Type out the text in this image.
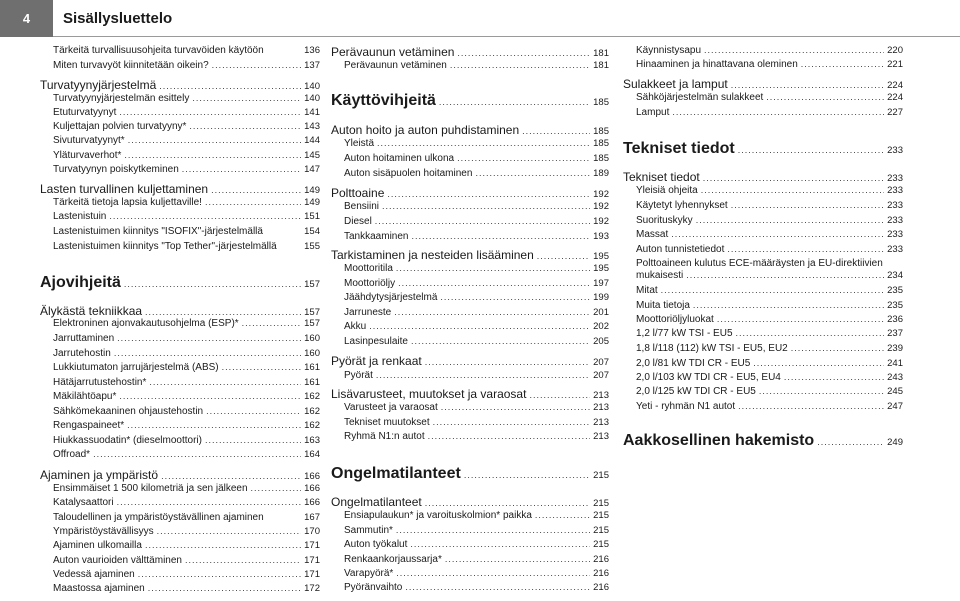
4	Sisällysluettelo
Tärkeitä turvallisuusohjeita turvavöiden käytöön	136
Miten turvavyöt kiinnitetään oikein? .....	137
Turvatyynyjärjestelmä .....	140
Turvatyynyjärjestelmän esittely .....	140
Etuturvatyynyt .....	141
Kuljettajan polvien turvatyyny* .....	143
Sivuturvatyynyt* .....	144
Yläturvaverhot* .....	145
Turvatyynyn poiskytkeminen .....	147
Lasten turvallinen kuljettaminen .....	149
Tärkeitä tietoja lapsia kuljettaville! .....	149
Lastenistuin .....	151
Lastenistuimen kiinnitys "ISOFIX"-järjestelmällä	154
Lastenistuimen kiinnitys "Top Tether"-järjestelmällä	155
Ajovihjeitä .....	157
Älykästä tekniikkaa .....	157
Elektroninen ajonvakautusohjelma (ESP)* .....	157
Jarruttaminen .....	160
Jarrutehostin .....	160
Lukkiutumaton jarrujärjestelmä (ABS) .....	161
Hätäjarrutustehostin* .....	161
Mäkilähtöapu* .....	162
Sähkömekaaninen ohjaustehostin .....	162
Rengaspaineet* .....	162
Hiukkassuodatin* (dieselmoottori) .....	163
Offroad* .....	164
Ajaminen ja ympäristö .....	166
Ensimmäiset 1 500 kilometriä ja sen jälkeen .....	166
Katalysaattori .....	166
Taloudellinen ja ympäristöystävällinen ajaminen	167
Ympäristöystävällisyys .....	170
Ajaminen ulkomailla .....	171
Auton vaurioiden välttäminen .....	171
Vedessä ajaminen .....	171
Maastossa ajaminen .....	172
Perävaunun vetäminen .....	181
Perävaunun vetäminen .....	181
Käyttövihjeitä .....	185
Auton hoito ja auton puhdistaminen .....	185
Yleistä .....	185
Auton hoitaminen ulkona .....	185
Auton sisäpuolen hoitaminen .....	189
Polttoaine .....	192
Bensiini .....	192
Diesel .....	192
Tankkaaminen .....	193
Tarkistaminen ja nesteiden lisääminen .....	195
Moottoritila .....	195
Moottoriöljy .....	197
Jäähdytysjärjestelmä .....	199
Jarruneste .....	201
Akku .....	202
Lasinpesulaite .....	205
Pyörät ja renkaat .....	207
Pyörät .....	207
Lisävarusteet, muutokset ja varaosat .....	213
Varusteet ja varaosat .....	213
Tekniset muutokset .....	213
Ryhmä N1:n autot .....	213
Ongelmatilanteet .....	215
Ongelmatilanteet .....	215
Ensiapulaukun* ja varoituskolmion* paikka .....	215
Sammutin* .....	215
Auton työkalut .....	215
Renkaankorjaussarja* .....	216
Varapyörä* .....	216
Pyöränvaihto .....	216
Käynnistysapu .....	220
Hinaaminen ja hinattavana oleminen .....	221
Sulakkeet ja lamput .....	224
Sähköjärjestelmän sulakkeet .....	224
Lamput .....	227
Tekniset tiedot .....	233
Tekniset tiedot .....	233
Yleisiä ohjeita .....	233
Käytetyt lyhennykset .....	233
Suorituskyky .....	233
Massat .....	233
Auton tunnistetiedot .....	233
Polttoaineen kulutus ECE-määräysten ja EU-direktiivien
mukaisesti .....	234
Mitat .....	235
Muita tietoja .....	235
Moottoriöljyluokat .....	236
1,2 l/77 kW TSI - EU5 .....	237
1,8 l/118 (112) kW TSI - EU5, EU2 .....	239
2,0 l/81 kW TDI CR - EU5 .....	241
2,0 l/103 kW TDI CR - EU5, EU4 .....	243
2,0 l/125 kW TDI CR - EU5 .....	245
Yeti - ryhmän N1 autot .....	247
Aakkosellinen hakemisto .....	249
